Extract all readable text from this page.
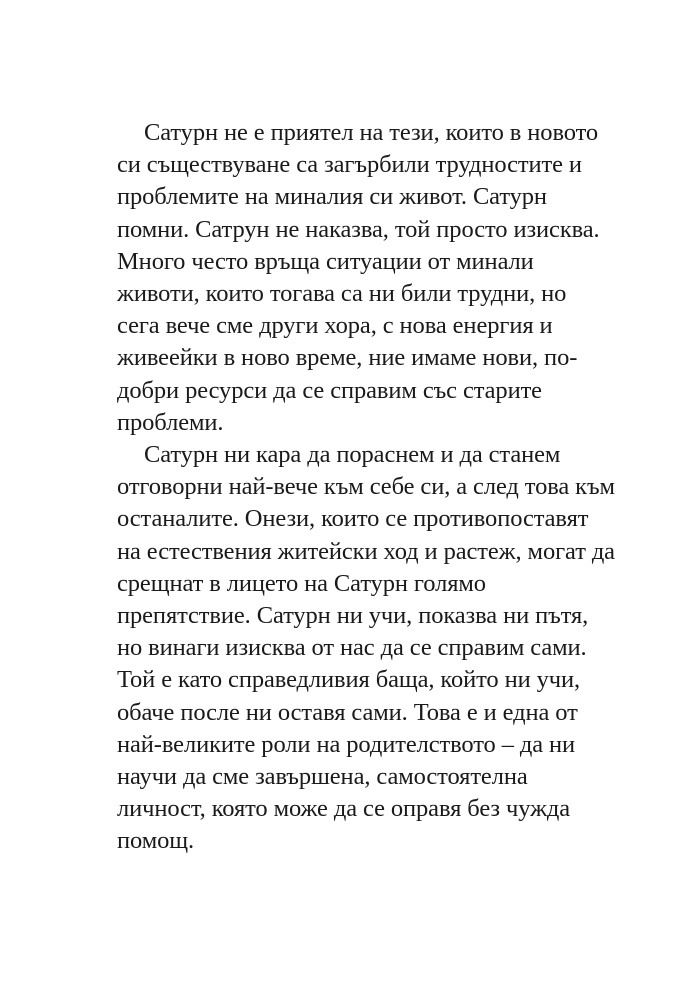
Сатурн не е приятел на тези, които в новото
си съществуване са загърбили трудностите и
проблемите на миналия си живот. Сатурн
помни. Сатрун не наказва, той просто изисква.
Много често връща ситуации от минали
животи, които тогава са ни били трудни, но
сега вече сме други хора, с нова енергия и
живеейки в ново време, ние имаме нови, по-
добри ресурси да се справим със старите
проблеми.
Сатурн ни кара да пораснем и да станем
отговорни най-вече към себе си, а след това към
останалите. Онези, които се противопоставят
на естествения житейски ход и растеж, могат да
срещнат в лицето на Сатурн голямо
препятствие. Сатурн ни учи, показва ни пътя,
но винаги изисква от нас да се справим сами.
Той е като справедливия баща, който ни учи,
обаче после ни оставя сами. Това е и една от
най-великите роли на родителството – да ни
научи да сме завършена, самостоятелна
личност, която може да се оправя без чужда
помощ.
